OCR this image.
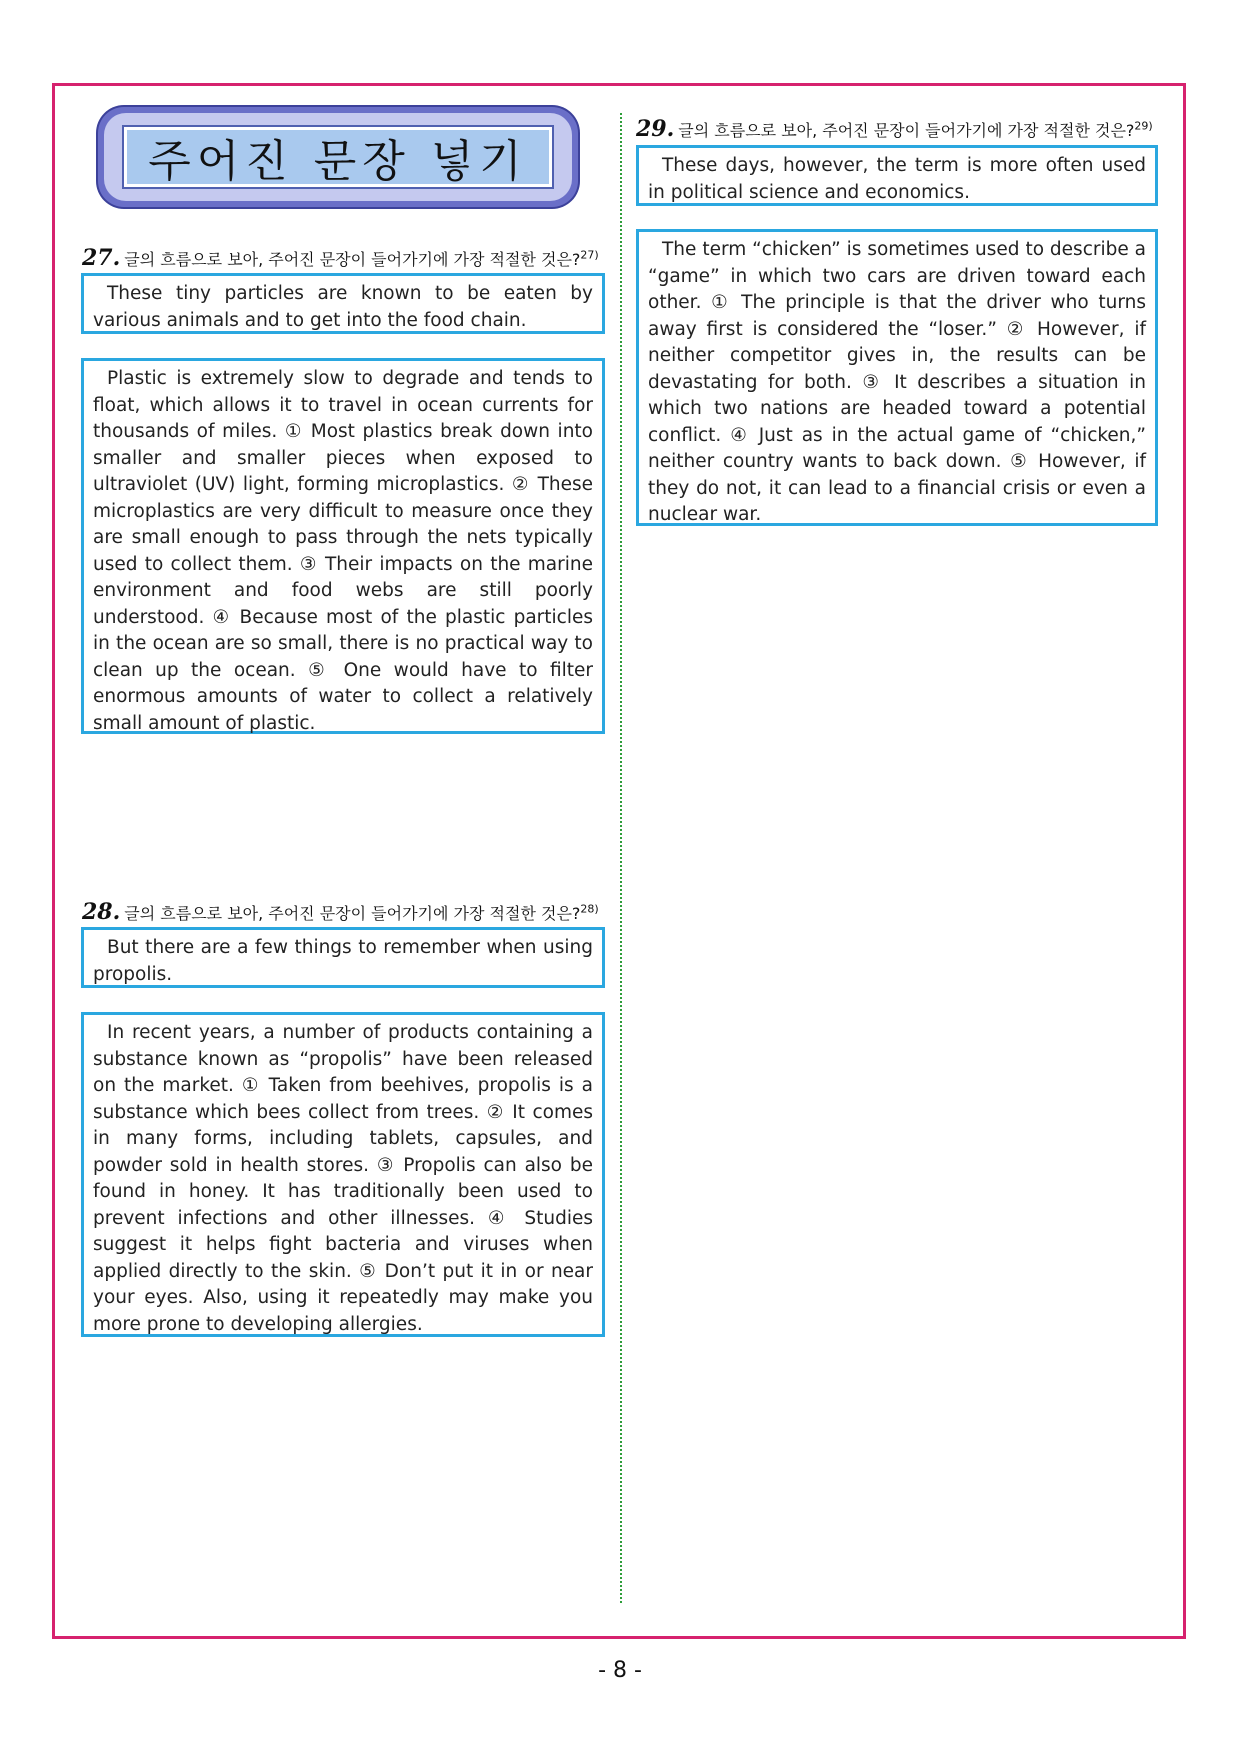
주어진 문장 넣기
27. 글의 흐름으로 보아, 주어진 문장이 들어가기에 가장 적절한 것은?$^{27)}$
These tiny particles are known to be eaten by various animals and to get into the food chain.
Plastic is extremely slow to degrade and tends to float, which allows it to travel in ocean currents for thousands of miles. ① Most plastics break down into smaller and smaller pieces when exposed to ultraviolet (UV) light, forming microplastics. ② These microplastics are very difficult to measure once they are small enough to pass through the nets typically used to collect them. ③ Their impacts on the marine environment and food webs are still poorly understood. ④ Because most of the plastic particles in the ocean are so small, there is no practical way to clean up the ocean. ⑤ One would have to filter enormous amounts of water to collect a relatively small amount of plastic.
28. 글의 흐름으로 보아, 주어진 문장이 들어가기에 가장 적절한 것은?$^{28)}$
But there are a few things to remember when using propolis.
In recent years, a number of products containing a substance known as “propolis” have been released on the market. ① Taken from beehives, propolis is a substance which bees collect from trees. ② It comes in many forms, including tablets, capsules, and powder sold in health stores. ③ Propolis can also be found in honey. It has traditionally been used to prevent infections and other illnesses. ④ Studies suggest it helps fight bacteria and viruses when applied directly to the skin. ⑤ Don’t put it in or near your eyes. Also, using it repeatedly may make you more prone to developing allergies.
29. 글의 흐름으로 보아, 주어진 문장이 들어가기에 가장 적절한 것은?$^{29)}$
These days, however, the term is more often used in political science and economics.
The term “chicken” is sometimes used to describe a “game” in which two cars are driven toward each other. ① The principle is that the driver who turns away first is considered the “loser.” ② However, if neither competitor gives in, the results can be devastating for both. ③ It describes a situation in which two nations are headed toward a potential conflict. ④ Just as in the actual game of “chicken,” neither country wants to back down. ⑤ However, if they do not, it can lead to a financial crisis or even a nuclear war.
- 8 -
